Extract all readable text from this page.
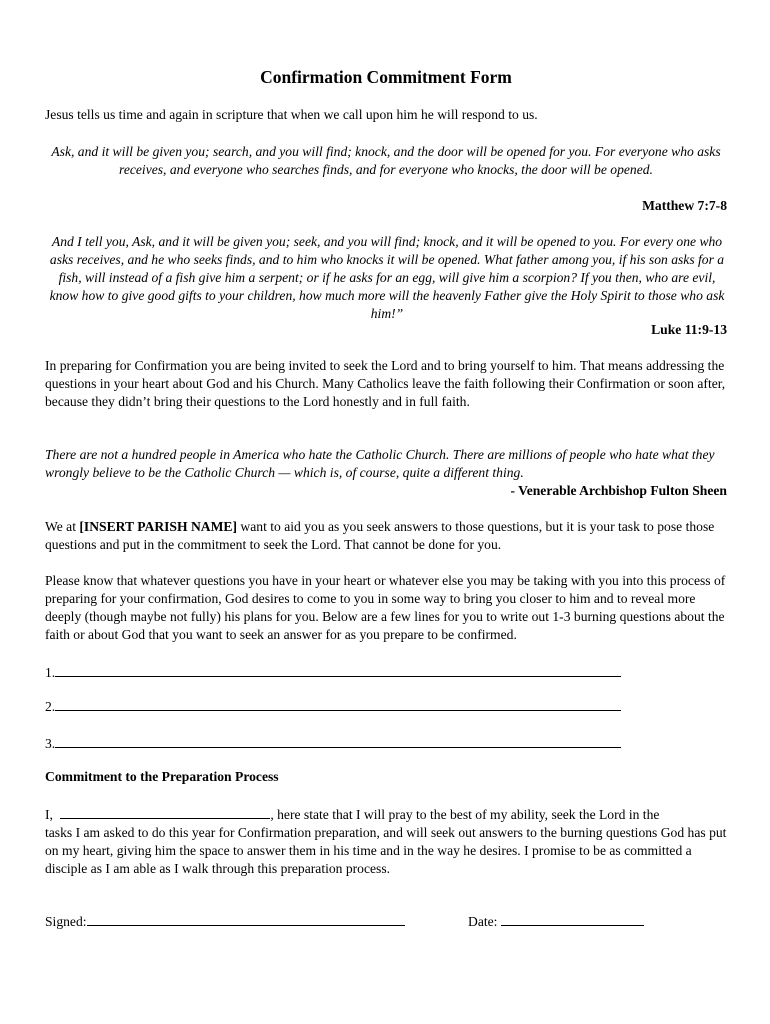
Confirmation Commitment Form
Jesus tells us time and again in scripture that when we call upon him he will respond to us.
Ask, and it will be given you; search, and you will find; knock, and the door will be opened for you. For everyone who asks receives, and everyone who searches finds, and for everyone who knocks, the door will be opened.
Matthew 7:7-8
And I tell you, Ask, and it will be given you; seek, and you will find; knock, and it will be opened to you. For every one who asks receives, and he who seeks finds, and to him who knocks it will be opened. What father among you, if his son asks for a fish, will instead of a fish give him a serpent; or if he asks for an egg, will give him a scorpion? If you then, who are evil, know how to give good gifts to your children, how much more will the heavenly Father give the Holy Spirit to those who ask him!”
Luke 11:9-13
In preparing for Confirmation you are being invited to seek the Lord and to bring yourself to him. That means addressing the questions in your heart about God and his Church. Many Catholics leave the faith following their Confirmation or soon after, because they didn’t bring their questions to the Lord honestly and in full faith.
There are not a hundred people in America who hate the Catholic Church. There are millions of people who hate what they wrongly believe to be the Catholic Church — which is, of course, quite a different thing.
- Venerable Archbishop Fulton Sheen
We at [INSERT PARISH NAME] want to aid you as you seek answers to those questions, but it is your task to pose those questions and put in the commitment to seek the Lord. That cannot be done for you.
Please know that whatever questions you have in your heart or whatever else you may be taking with you into this process of preparing for your confirmation, God desires to come to you in some way to bring you closer to him and to reveal more deeply (though maybe not fully) his plans for you. Below are a few lines for you to write out 1-3 burning questions about the faith or about God that you want to seek an answer for as you prepare to be confirmed.
1.
2.
3.
Commitment to the Preparation Process
I,	, here state that I will pray to the best of my ability, seek the Lord in the
tasks I am asked to do this year for Confirmation preparation, and will seek out answers to the burning questions God has put on my heart, giving him the space to answer them in his time and in the way he desires. I promise to be as committed a disciple as I am able as I walk through this preparation process.
Signed:	Date:
